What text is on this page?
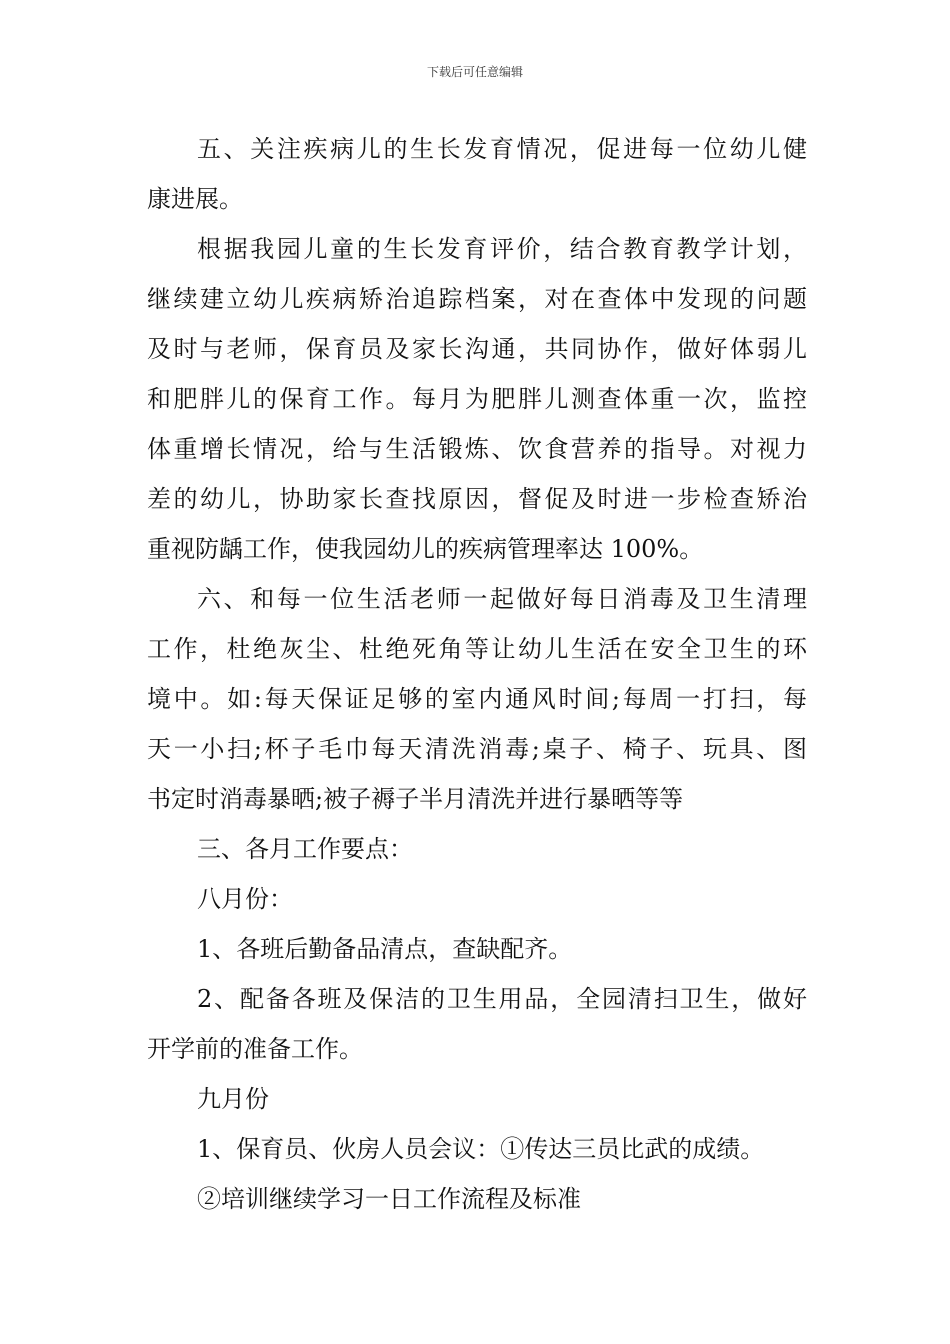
下载后可任意编辑
五、关注疾病儿的生长发育情况，促进每一位幼儿健
康进展。
根据我园儿童的生长发育评价，结合教育教学计划，
继续建立幼儿疾病矫治追踪档案，对在查体中发现的问题
及时与老师，保育员及家长沟通，共同协作，做好体弱儿
和肥胖儿的保育工作。每月为肥胖儿测查体重一次，监控
体重增长情况，给与生活锻炼、饮食营养的指导。对视力
差的幼儿，协助家长查找原因，督促及时进一步检查矫治
重视防龋工作，使我园幼儿的疾病管理率达 100%。
六、和每一位生活老师一起做好每日消毒及卫生清理
工作，杜绝灰尘、杜绝死角等让幼儿生活在安全卫生的环
境中。如:每天保证足够的室内通风时间;每周一打扫，每
天一小扫;杯子毛巾每天清洗消毒;桌子、椅子、玩具、图
书定时消毒暴晒;被子褥子半月清洗并进行暴晒等等
三、各月工作要点：
八月份：
1、各班后勤备品清点，查缺配齐。
2、配备各班及保洁的卫生用品，全园清扫卫生，做好
开学前的准备工作。
九月份
1、保育员、伙房人员会议：①传达三员比武的成绩。
②培训继续学习一日工作流程及标准
